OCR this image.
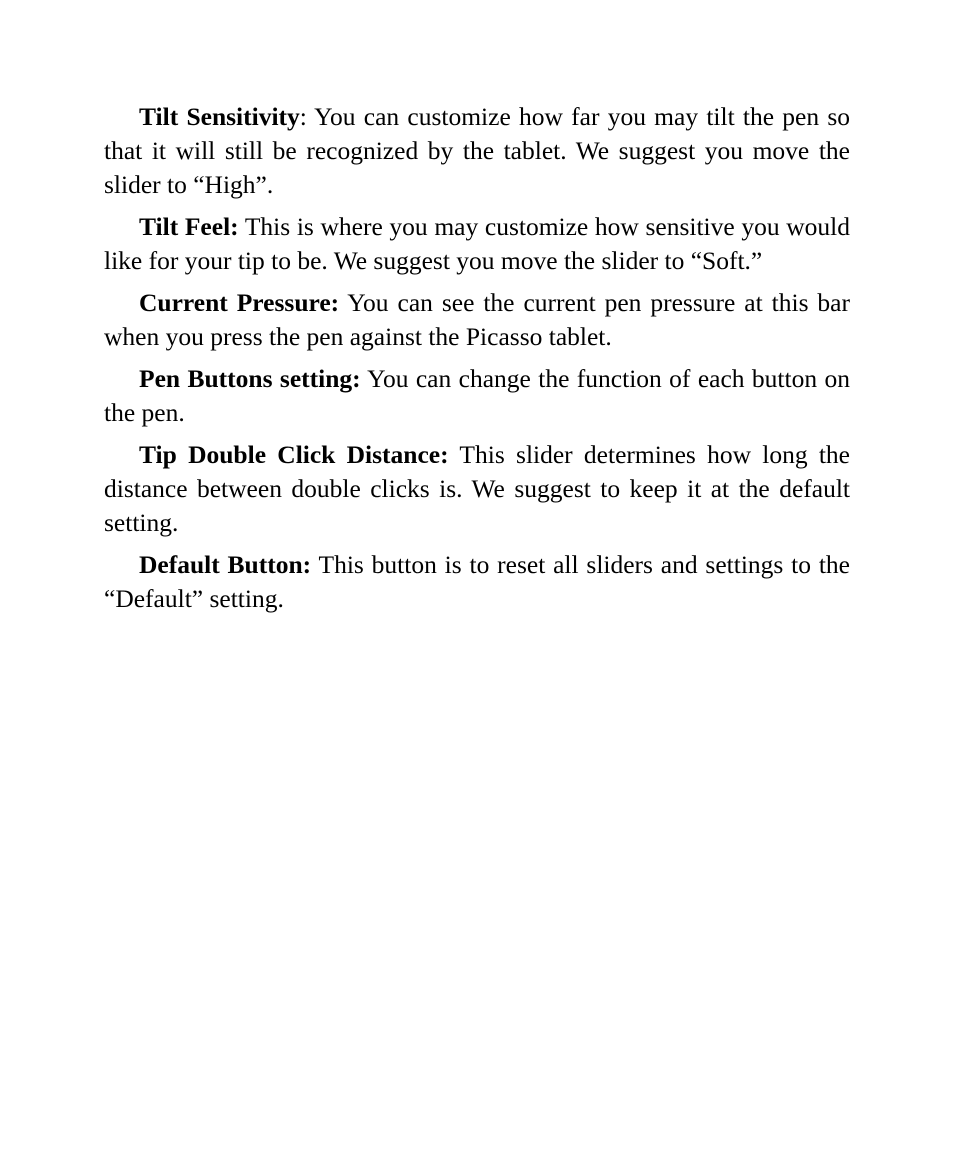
Tilt Sensitivity: You can customize how far you may tilt the pen so that it will still be recognized by the tablet. We suggest you move the slider to “High”.

Tilt Feel: This is where you may customize how sensitive you would like for your tip to be. We suggest you move the slider to “Soft.”

Current Pressure: You can see the current pen pressure at this bar when you press the pen against the Picasso tablet.

Pen Buttons setting: You can change the function of each button on the pen.

Tip Double Click Distance: This slider determines how long the distance between double clicks is. We suggest to keep it at the default setting.

Default Button: This button is to reset all sliders and settings to the “Default” setting.
